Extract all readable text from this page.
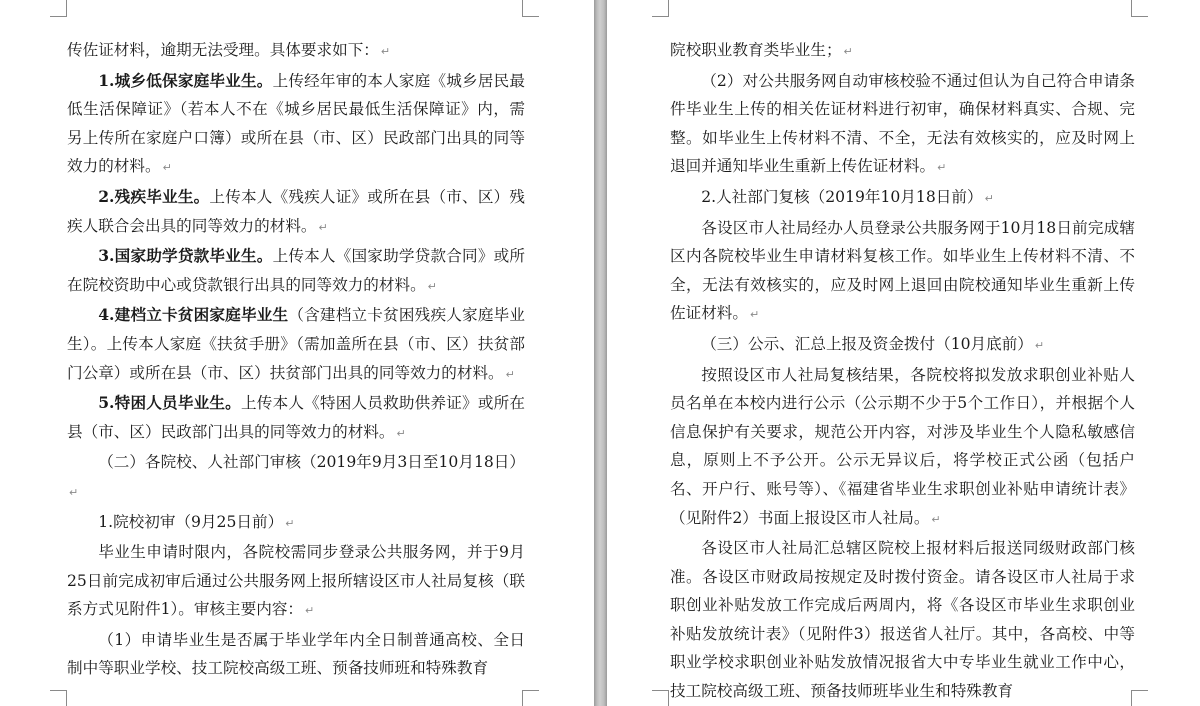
传佐证材料，逾期无法受理。具体要求如下： ↵

1.城乡低保家庭毕业生。上传经年审的本人家庭《城乡居民最低生活保障证》（若本人不在《城乡居民最低生活保障证》内，需另上传所在家庭户口簿）或所在县（市、区）民政部门出具的同等效力的材料。 ↵

2.残疾毕业生。上传本人《残疾人证》或所在县（市、区）残疾人联合会出具的同等效力的材料。 ↵

3.国家助学贷款毕业生。上传本人《国家助学贷款合同》或所在院校资助中心或贷款银行出具的同等效力的材料。 ↵

4.建档立卡贫困家庭毕业生（含建档立卡贫困残疾人家庭毕业生）。上传本人家庭《扶贫手册》（需加盖所在县（市、区）扶贫部门公章）或所在县（市、区）扶贫部门出具的同等效力的材料。 ↵

5.特困人员毕业生。上传本人《特困人员救助供养证》或所在县（市、区）民政部门出具的同等效力的材料。 ↵

（二）各院校、人社部门审核（2019年9月3日至10月18日）↵

1.院校初审（9月25日前） ↵

毕业生申请时限内，各院校需同步登录公共服务网，并于9月25日前完成初审后通过公共服务网上报所辖设区市人社局复核（联系方式见附件1）。审核主要内容： ↵

（1）申请毕业生是否属于毕业学年内全日制普通高校、全日制中等职业学校、技工院校高级工班、预备技师班和特殊教育

院校职业教育类毕业生； ↵

（2）对公共服务网自动审核校验不通过但认为自己符合申请条件毕业生上传的相关佐证材料进行初审，确保材料真实、合规、完整。如毕业生上传材料不清、不全，无法有效核实的，应及时网上退回并通知毕业生重新上传佐证材料。 ↵

2.人社部门复核（2019年10月18日前） ↵

各设区市人社局经办人员登录公共服务网于10月18日前完成辖区内各院校毕业生申请材料复核工作。如毕业生上传材料不清、不全，无法有效核实的，应及时网上退回由院校通知毕业生重新上传佐证材料。 ↵

（三）公示、汇总上报及资金拨付（10月底前） ↵

按照设区市人社局复核结果，各院校将拟发放求职创业补贴人员名单在本校内进行公示（公示期不少于5个工作日），并根据个人信息保护有关要求，规范公开内容，对涉及毕业生个人隐私敏感信息，原则上不予公开。公示无异议后，将学校正式公函（包括户名、开户行、账号等）、《福建省毕业生求职创业补贴申请统计表》（见附件2）书面上报设区市人社局。 ↵

各设区市人社局汇总辖区院校上报材料后报送同级财政部门核准。各设区市财政局按规定及时拨付资金。请各设区市人社局于求职创业补贴发放工作完成后两周内，将《各设区市毕业生求职创业补贴发放统计表》（见附件3）报送省人社厅。其中，各高校、中等职业学校求职创业补贴发放情况报省大中专毕业生就业工作中心，技工院校高级工班、预备技师班毕业生和特殊教育
